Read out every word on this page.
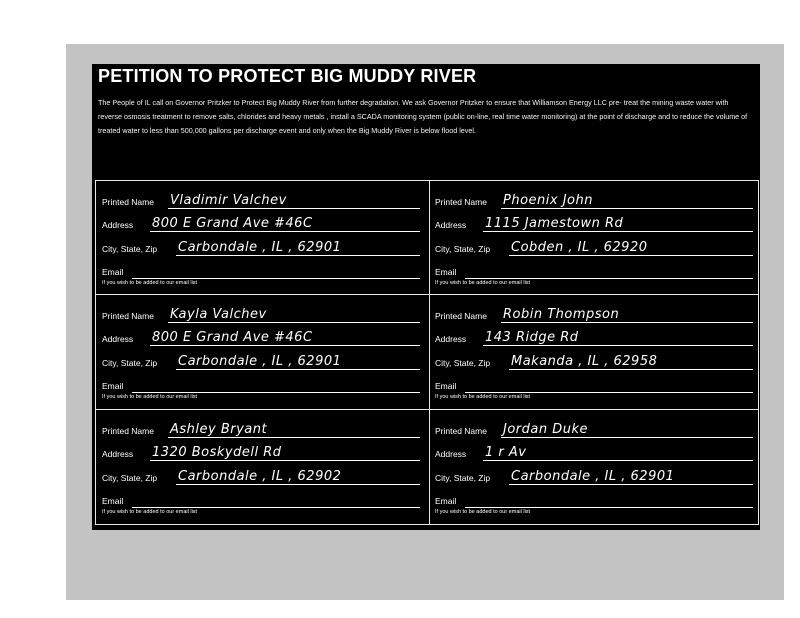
PETITION TO PROTECT BIG MUDDY RIVER
The People of IL call on Governor Pritzker to Protect Big Muddy River from further degradation. We ask Governor Pritzker to ensure that Williamson Energy LLC pre- treat the mining waste water with reverse osmosis treatment to remove salts, chlorides and heavy metals , install a SCADA monitoring system (public on-line, real time water monitoring) at the point of discharge and to reduce the volume of treated water to less than 500,000 gallons per discharge event and only when the Big Muddy River is below flood level.
Printed Name Vladimir Valchev
Address 800 E Grand Ave #46C
City, State, Zip Carbondale , IL , 62901
Email
If you wish to be added to our email list
Printed Name Phoenix John
Address 1115 Jamestown Rd
City, State, Zip Cobden , IL , 62920
Email
If you wish to be added to our email list
Printed Name Kayla Valchev
Address 800 E Grand Ave #46C
City, State, Zip Carbondale , IL , 62901
Email
If you wish to be added to our email list
Printed Name Robin Thompson
Address 143 Ridge Rd
City, State, Zip Makanda , IL , 62958
Email
If you wish to be added to our email list
Printed Name Ashley Bryant
Address 1320 Boskydell Rd
City, State, Zip Carbondale , IL , 62902
Email
If you wish to be added to our email list
Printed Name Jordan Duke
Address 1 r Av
City, State, Zip Carbondale , IL , 62901
Email
If you wish to be added to our email list
